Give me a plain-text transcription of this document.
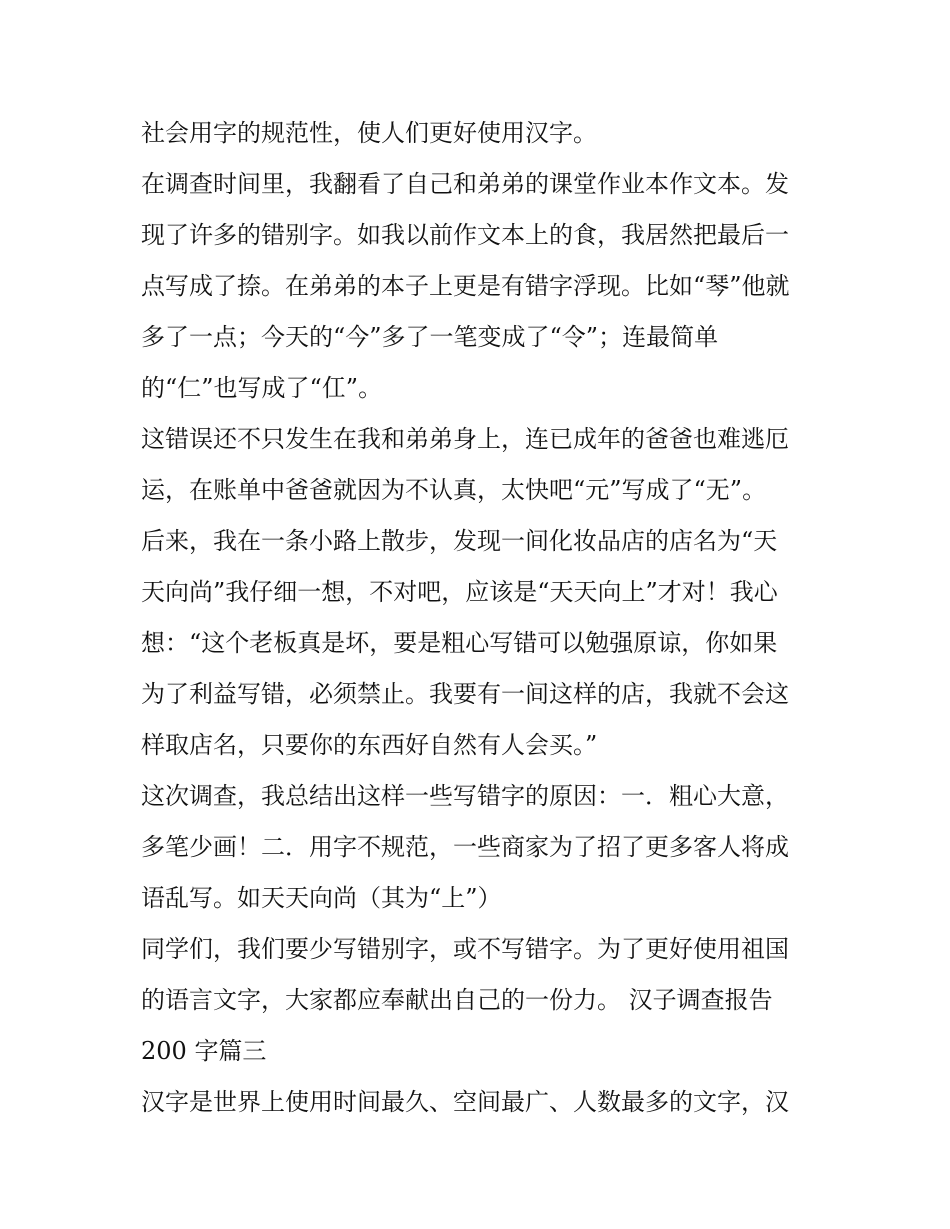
社会用字的规范性，使人们更好使用汉字。
在调查时间里，我翻看了自己和弟弟的课堂作业本作文本。发
现了许多的错别字。如我以前作文本上的食，我居然把最后一
点写成了捺。在弟弟的本子上更是有错字浮现。比如“琴”他就
多了一点；今天的“今”多了一笔变成了“令”；连最简单
的“仁”也写成了“仜”。
这错误还不只发生在我和弟弟身上，连已成年的爸爸也难逃厄
运，在账单中爸爸就因为不认真，太快吧“元”写成了“无”。
后来，我在一条小路上散步，发现一间化妆品店的店名为“天
天向尚”我仔细一想，不对吧，应该是“天天向上”才对！我心
想：“这个老板真是坏，要是粗心写错可以勉强原谅，你如果
为了利益写错，必须禁止。我要有一间这样的店，我就不会这
样取店名，只要你的东西好自然有人会买。”
这次调查，我总结出这样一些写错字的原因：一．粗心大意，
多笔少画！二．用字不规范，一些商家为了招了更多客人将成
语乱写。如天天向尚（其为“上”）
同学们，我们要少写错别字，或不写错字。为了更好使用祖国
的语言文字，大家都应奉献出自己的一份力。 汉子调查报告
200 字篇三
汉字是世界上使用时间最久、空间最广、人数最多的文字，汉
